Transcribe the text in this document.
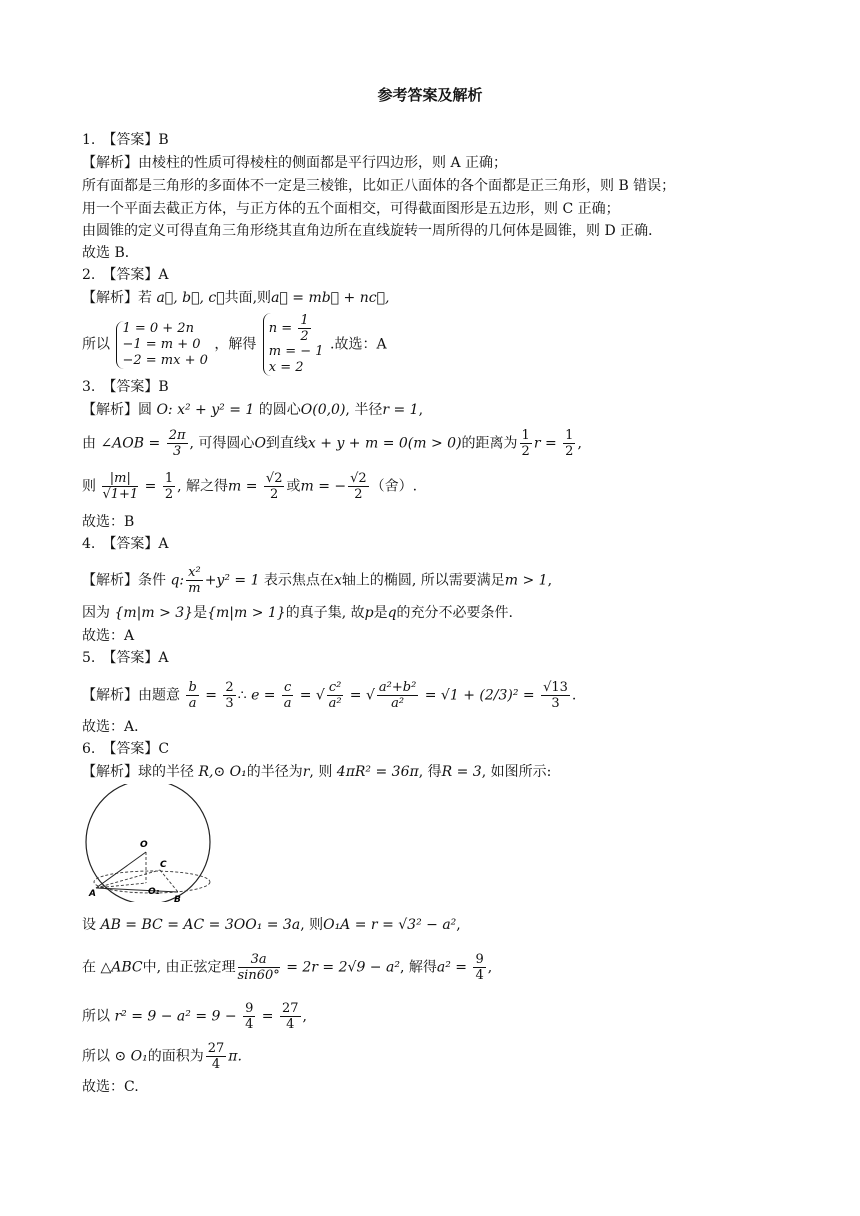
参考答案及解析
1.　【答案】B
【解析】由棱柱的性质可得棱柱的侧面都是平行四边形，则 A 正确；
所有面都是三角形的多面体不一定是三棱锥，比如正八面体的各个面都是正三角形，则 B 错误；
用一个平面去截正方体，与正方体的五个面相交，可得截面图形是五边形，则 C 正确；
由圆锥的定义可得直角三角形绕其直角边所在直线旋转一周所得的几何体是圆锥，则 D 正确．
故选 B．
2.　【答案】A
【解析】若 a⃗, b⃗, c⃗共面,则a⃗ = mb⃗ + nc⃗,
所以
1 = 0 + 2n
−1 = m + 0
−2 = mx + 0
，解得
$n = \frac{1}{2}$
m = − 1
x = 2
.故选：A
3.　【答案】B
【解析】圆 O: x² + y² = 1 的圆心O(0,0), 半径r = 1,
由 ∠AOB = $\frac{2\pi}{3}$ , 可得圆心O到直线x + y + m = 0(m > 0)的距离为 $\frac{1}{2}$ $r = \frac{1}{2}$ ,
则 $\frac{|m|}{√1+1} = \frac{1}{2}$ , 解之得$m = \frac{√2}{2}$ 或m = − $\frac{√2}{2}$ （舍）.
故选：B
4.　【答案】A
【解析】条件 q: $\frac{\text{x²}}{m} +y^2 = 1$ 表示焦点在x轴上的椭圆, 所以需要满足m > 1,
因为 {m|m > 3}是{m|m > 1}的真子集, 故p是q的充分不必要条件.
故选：A
5.　【答案】A
【解析】由题意 $\frac{b}{a} = \frac{2}{3}$ ∴ $e = \frac{c}{a}$ = √ $\frac{\text{c²}}{\text{a²}}$ = √ $\frac{\text{a²+b²}}{\text{a²}} = √1 + (2/3)^2 = \frac{√13}{3}$ .
故选：A．
6.　【答案】C
【解析】球的半径 R,⊙ O₁的半径为r, 则 4πR² = 36π, 得R = 3, 如图所示:
O
C
A
B
O₁
设 AB = BC = AC = 3OO₁ = 3a, 则O₁A = r = √3² − a²,
在 △ABC中, 由正弦定理 $\frac{3a}{\sin 60^\circ} = 2r = 2√9 - a^2$, 解得$a^2 = \frac{9}{4}$ ,
所以 $r^2 = 9 - a^2 = 9 - \frac{9}{4} = \frac{27}{4}$ ,
所以 ⊙ O₁的面积为 $\frac{27}{4} \pi$.
故选：C.
